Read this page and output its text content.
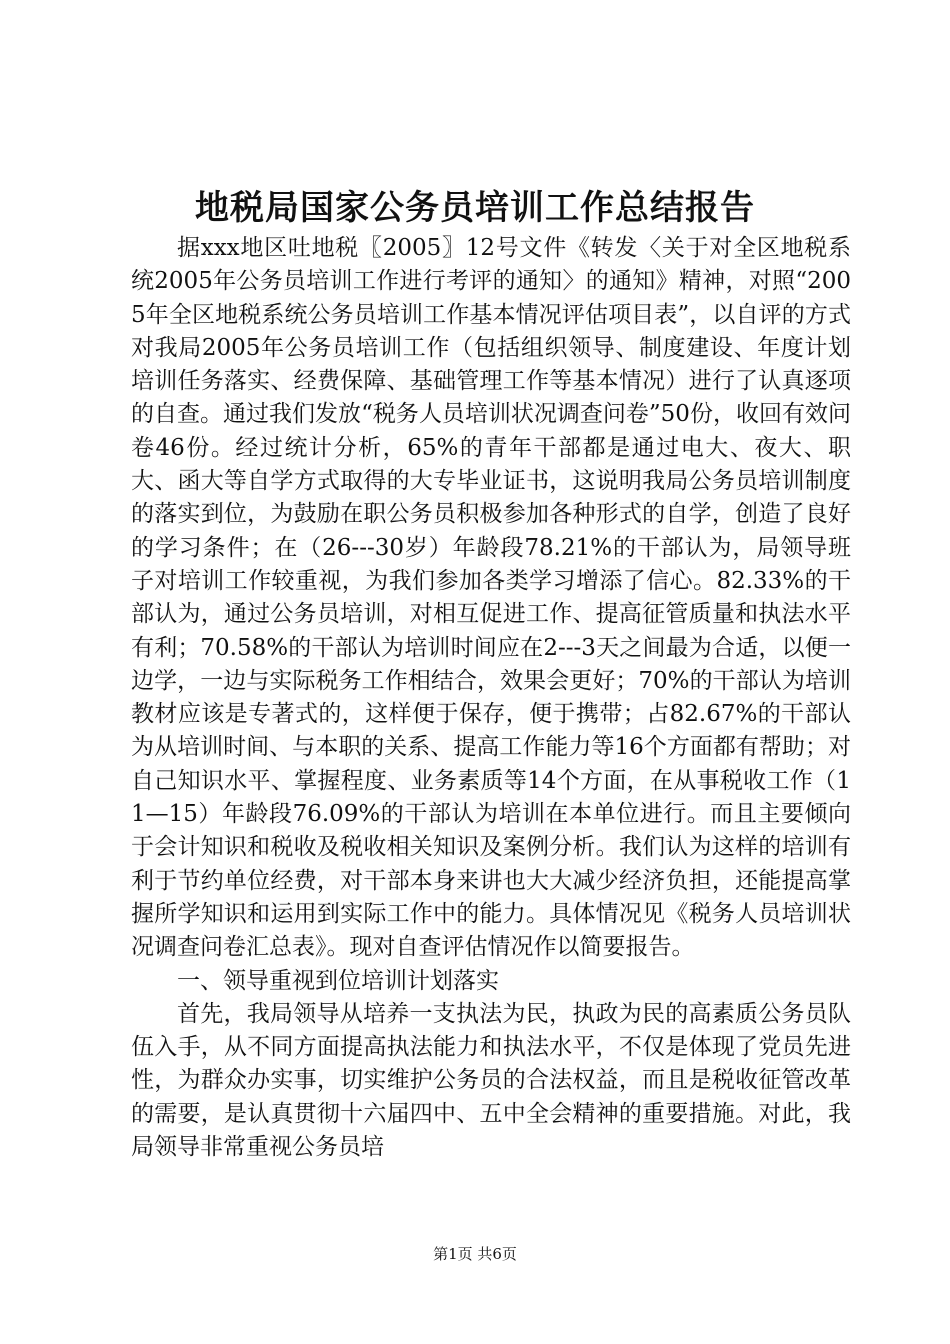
地税局国家公务员培训工作总结报告

据xxx地区吐地税〖2005〗12号文件《转发〈关于对全区地税系统2005年公务员培训工作进行考评的通知〉的通知》精神，对照“2005年全区地税系统公务员培训工作基本情况评估项目表”，以自评的方式对我局2005年公务员培训工作（包括组织领导、制度建设、年度计划培训任务落实、经费保障、基础管理工作等基本情况）进行了认真逐项的自查。通过我们发放“税务人员培训状况调查问卷”50份，收回有效问卷46份。经过统计分析，65%的青年干部都是通过电大、夜大、职大、函大等自学方式取得的大专毕业证书，这说明我局公务员培训制度的落实到位，为鼓励在职公务员积极参加各种形式的自学，创造了良好的学习条件；在（26---30岁）年龄段78.21%的干部认为，局领导班子对培训工作较重视，为我们参加各类学习增添了信心。82.33%的干部认为，通过公务员培训，对相互促进工作、提高征管质量和执法水平有利；70.58%的干部认为培训时间应在2---3天之间最为合适，以便一边学，一边与实际税务工作相结合，效果会更好；70%的干部认为培训教材应该是专著式的，这样便于保存，便于携带；占82.67%的干部认为从培训时间、与本职的关系、提高工作能力等16个方面都有帮助；对自己知识水平、掌握程度、业务素质等14个方面，在从事税收工作（11—15）年龄段76.09%的干部认为培训在本单位进行。而且主要倾向于会计知识和税收及税收相关知识及案例分析。我们认为这样的培训有利于节约单位经费，对干部本身来讲也大大减少经济负担，还能提高掌握所学知识和运用到实际工作中的能力。具体情况见《税务人员培训状况调查问卷汇总表》。现对自查评估情况作以简要报告。

一、领导重视到位培训计划落实

首先，我局领导从培养一支执法为民，执政为民的高素质公务员队伍入手，从不同方面提高执法能力和执法水平，不仅是体现了党员先进性，为群众办实事，切实维护公务员的合法权益，而且是税收征管改革的需要，是认真贯彻十六届四中、五中全会精神的重要措施。对此，我局领导非常重视公务员培

第1页 共6页
